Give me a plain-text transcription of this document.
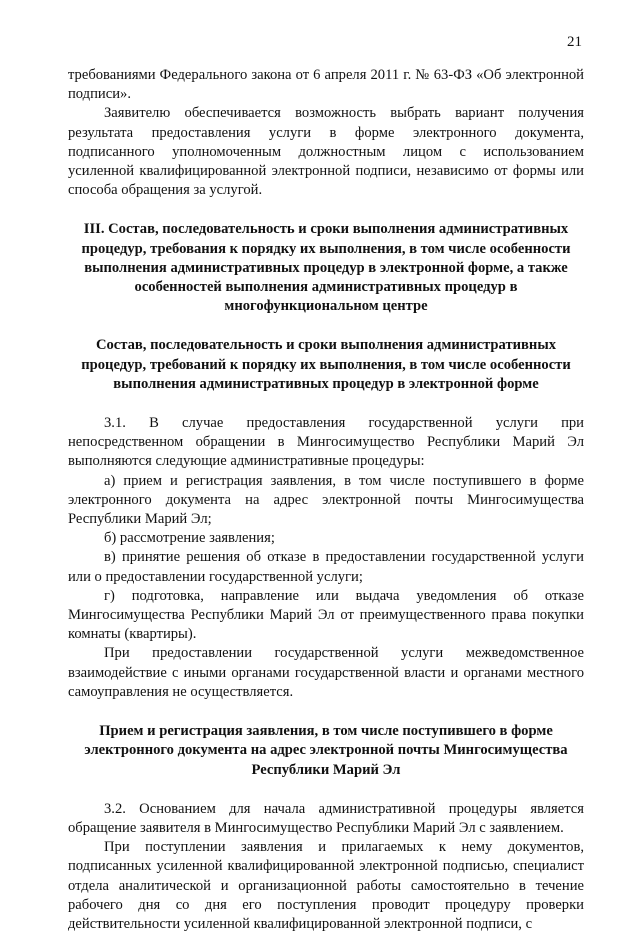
21

требованиями Федерального закона от 6 апреля 2011 г. № 63-ФЗ «Об электронной подписи».

Заявителю обеспечивается возможность выбрать вариант получения результата предоставления услуги в форме электронного документа, подписанного уполномоченным должностным лицом с использованием усиленной квалифицированной электронной подписи, независимо от формы или способа обращения за услугой.

III. Состав, последовательность и сроки выполнения административных процедур, требования к порядку их выполнения, в том числе особенности выполнения административных процедур в электронной форме, а также особенностей выполнения административных процедур в многофункциональном центре
Состав, последовательность и сроки выполнения административных процедур, требований к порядку их выполнения, в том числе особенности выполнения административных процедур в электронной форме

3.1. В случае предоставления государственной услуги при непосредственном обращении в Мингосимущество Республики Марий Эл выполняются следующие административные процедуры:

а) прием и регистрация заявления, в том числе поступившего в форме электронного документа на адрес электронной почты Мингосимущества Республики Марий Эл;

б) рассмотрение заявления;

в) принятие решения об отказе в предоставлении государственной услуги или о предоставлении государственной услуги;

г) подготовка, направление или выдача уведомления об отказе Мингосимущества Республики Марий Эл от преимущественного права покупки комнаты (квартиры).

При предоставлении государственной услуги межведомственное взаимодействие с иными органами государственной власти и органами местного самоуправления не осуществляется.

Прием и регистрация заявления, в том числе поступившего в форме электронного документа на адрес электронной почты Мингосимущества Республики Марий Эл

3.2. Основанием для начала административной процедуры является обращение заявителя в Мингосимущество Республики Марий Эл с заявлением.

При поступлении заявления и прилагаемых к нему документов, подписанных усиленной квалифицированной электронной подписью, специалист отдела аналитической и организационной работы самостоятельно в течение рабочего дня со дня его поступления проводит процедуру проверки действительности усиленной квалифицированной электронной подписи, с
